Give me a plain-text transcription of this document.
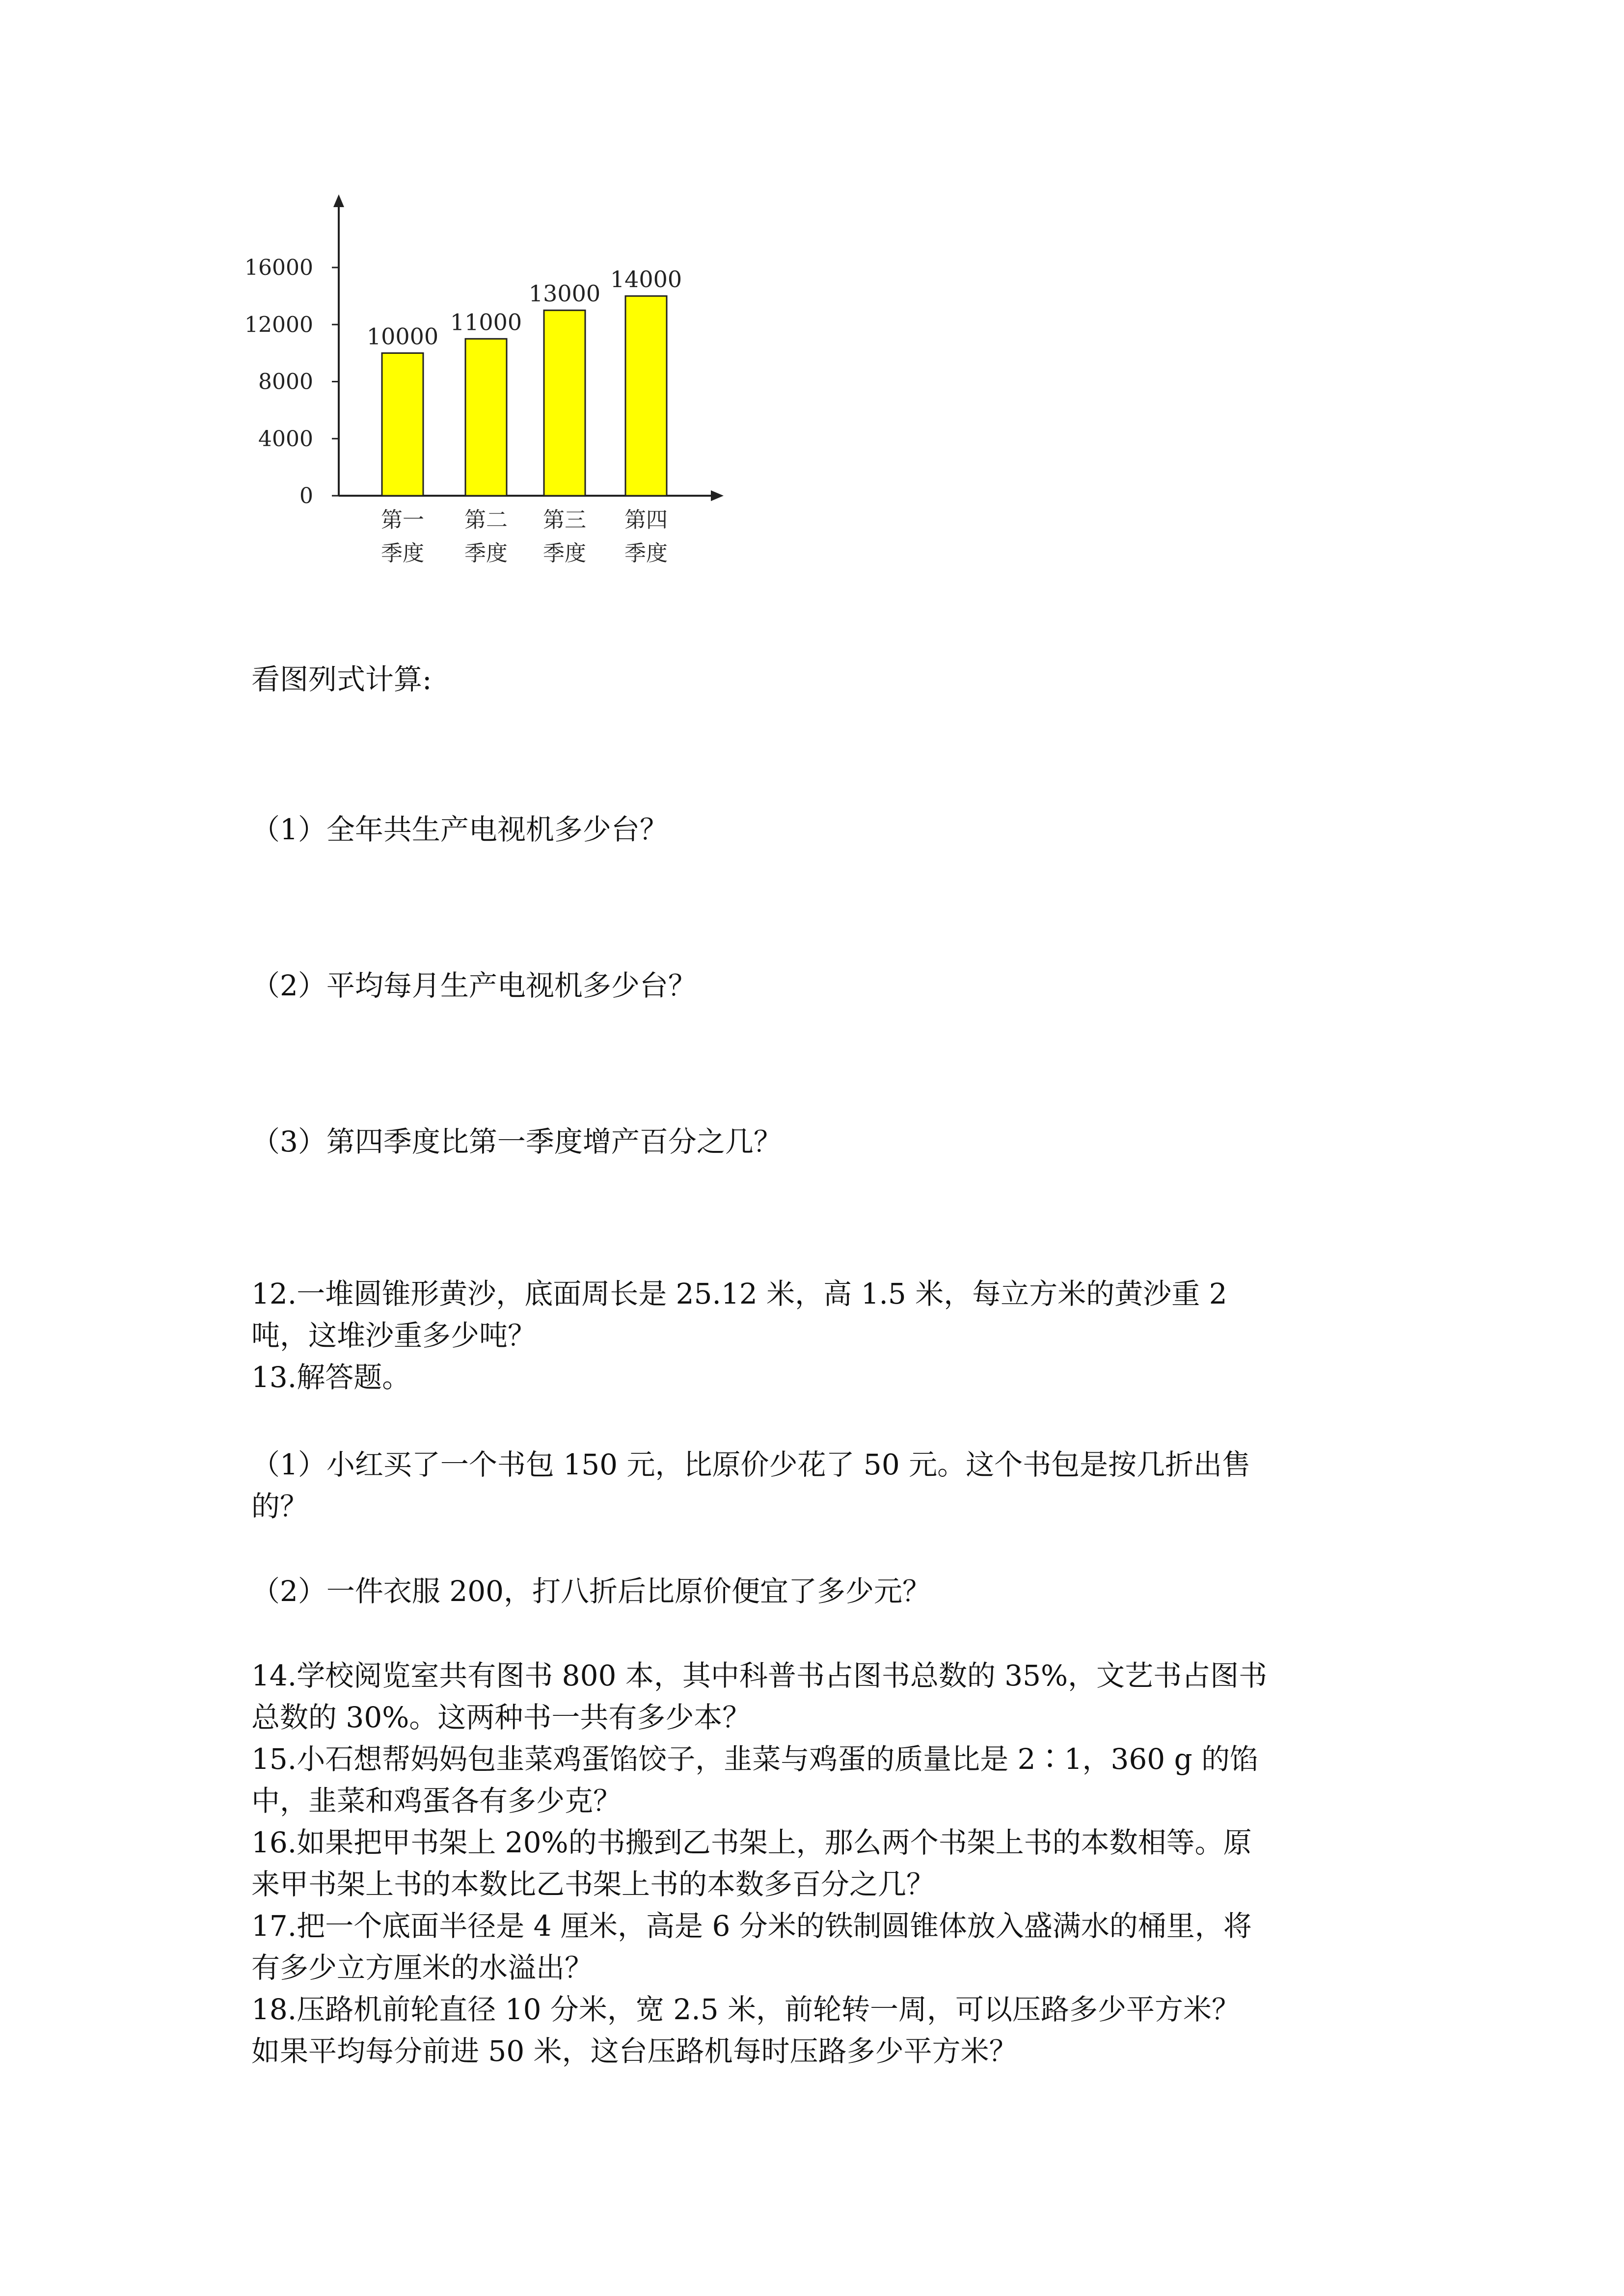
0
4000
8000
12000
16000
10000
11000
13000
14000
第一
季度
第二
季度
第三
季度
第四
季度
看图列式计算:
（1）全年共生产电视机多少台？
（2）平均每月生产电视机多少台？
（3）第四季度比第一季度增产百分之几？
12.一堆圆锥形黄沙，底面周长是 25.12 米，高 1.5 米，每立方米的黄沙重 2
吨，这堆沙重多少吨？
13.解答题。
（1）小红买了一个书包 150 元，比原价少花了 50 元。这个书包是按几折出售
的？
（2）一件衣服 200，打八折后比原价便宜了多少元？
14.学校阅览室共有图书 800 本，其中科普书占图书总数的 35%，文艺书占图书
总数的 30%。这两种书一共有多少本？
15.小石想帮妈妈包韭菜鸡蛋馅饺子，韭菜与鸡蛋的质量比是 2∶1，360 g 的馅
中，韭菜和鸡蛋各有多少克？
16.如果把甲书架上 20%的书搬到乙书架上，那么两个书架上书的本数相等。原
来甲书架上书的本数比乙书架上书的本数多百分之几？
17.把一个底面半径是 4 厘米，高是 6 分米的铁制圆锥体放入盛满水的桶里，将
有多少立方厘米的水溢出？
18.压路机前轮直径 10 分米，宽 2.5 米，前轮转一周，可以压路多少平方米？
如果平均每分前进 50 米，这台压路机每时压路多少平方米？
